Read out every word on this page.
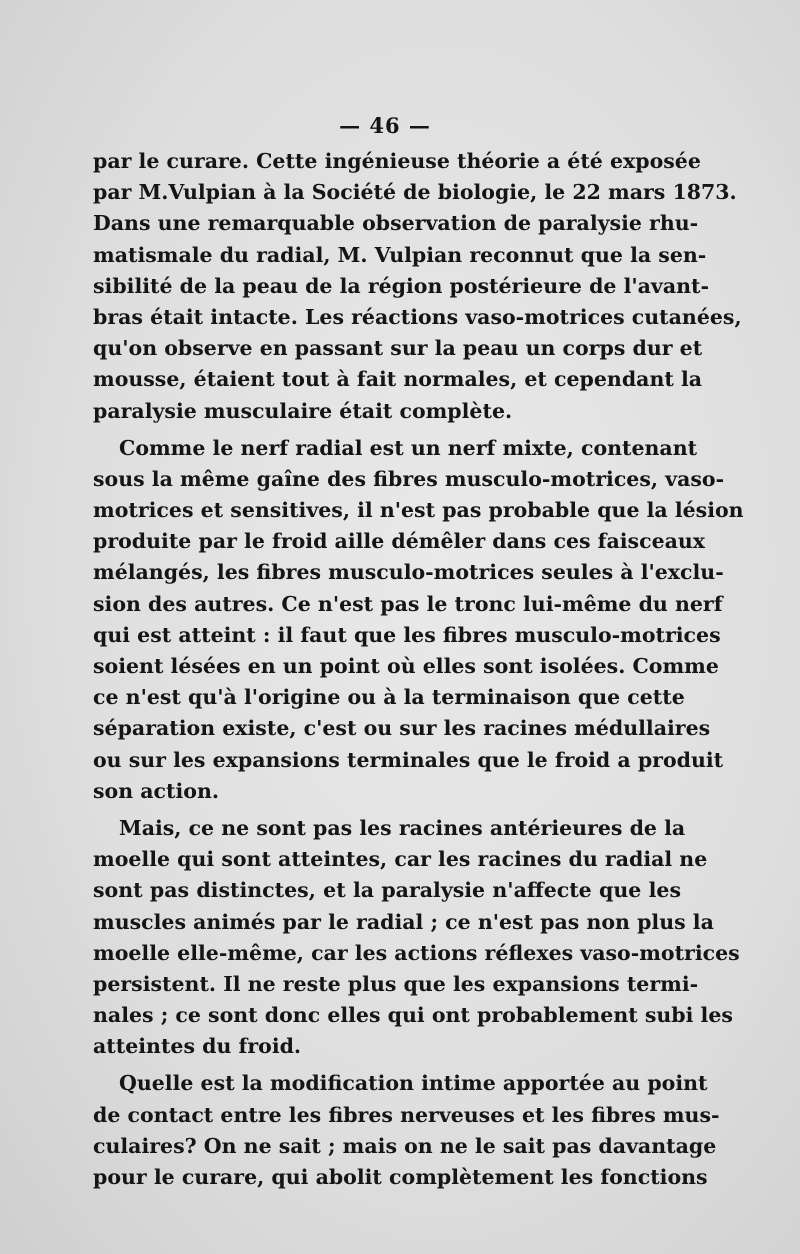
— 46 —
par le curare. Cette ingénieuse théorie a été exposée
par M.Vulpian à la Société de biologie, le 22 mars 1873.
Dans une remarquable observation de paralysie rhu-
matismale du radial, M. Vulpian reconnut que la sen-
sibilité de la peau de la région postérieure de l'avant-
bras était intacte. Les réactions vaso-motrices cutanées,
qu'on observe en passant sur la peau un corps dur et
mousse, étaient tout à fait normales, et cependant la
paralysie musculaire était complète.
Comme le nerf radial est un nerf mixte, contenant
sous la même gaîne des fibres musculo-motrices, vaso-
motrices et sensitives, il n'est pas probable que la lésion
produite par le froid aille démêler dans ces faisceaux
mélangés, les fibres musculo-motrices seules à l'exclu-
sion des autres. Ce n'est pas le tronc lui-même du nerf
qui est atteint : il faut que les fibres musculo-motrices
soient lésées en un point où elles sont isolées. Comme
ce n'est qu'à l'origine ou à la terminaison que cette
séparation existe, c'est ou sur les racines médullaires
ou sur les expansions terminales que le froid a produit
son action.
Mais, ce ne sont pas les racines antérieures de la
moelle qui sont atteintes, car les racines du radial ne
sont pas distinctes, et la paralysie n'affecte que les
muscles animés par le radial ; ce n'est pas non plus la
moelle elle-même, car les actions réflexes vaso-motrices
persistent. Il ne reste plus que les expansions termi-
nales ; ce sont donc elles qui ont probablement subi les
atteintes du froid.
Quelle est la modification intime apportée au point
de contact entre les fibres nerveuses et les fibres mus-
culaires? On ne sait ; mais on ne le sait pas davantage
pour le curare, qui abolit complètement les fonctions
